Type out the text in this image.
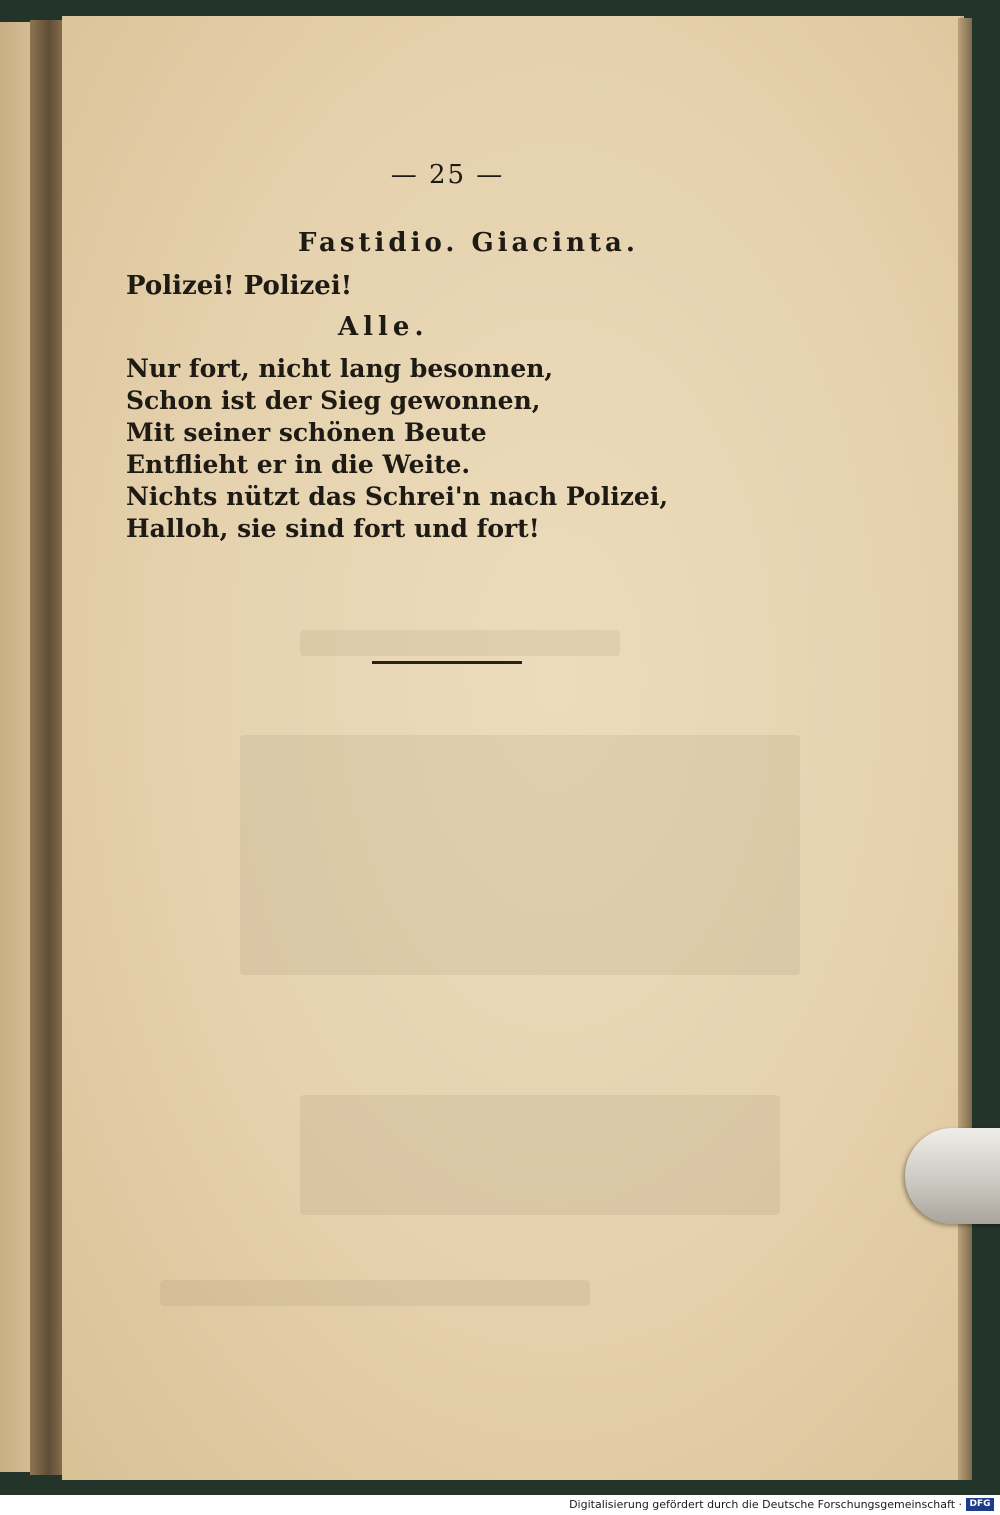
— 25 —

Fastidio. Giacinta.

Polizei! Polizei!

Alle.

Nur fort, nicht lang besonnen,

Schon ist der Sieg gewonnen,

Mit seiner schönen Beute

Entflieht er in die Weite.

Nichts nützt das Schrei'n nach Polizei,

Halloh, sie sind fort und fort!

Digitalisierung gefördert durch die Deutsche Forschungsgemeinschaft · DFG
